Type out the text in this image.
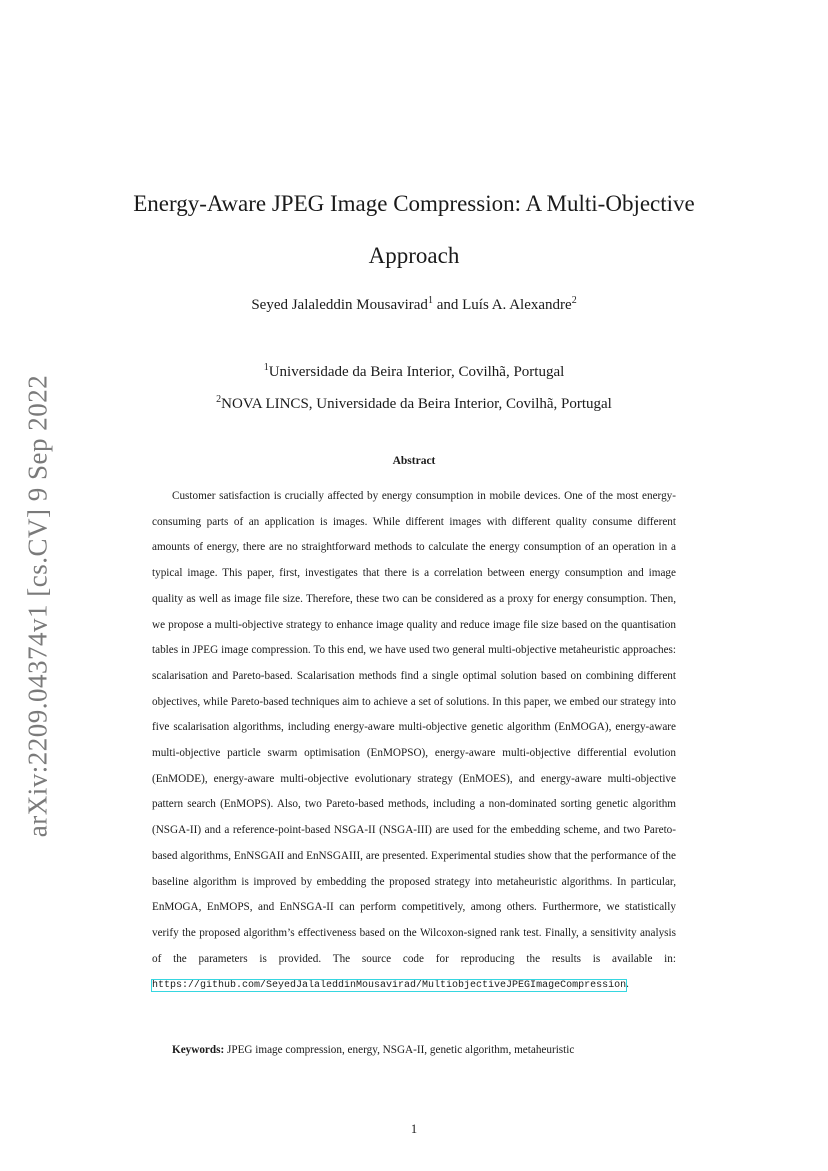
arXiv:2209.04374v1 [cs.CV] 9 Sep 2022
Energy-Aware JPEG Image Compression: A Multi-Objective
Approach
Seyed Jalaleddin Mousavirad$^1$ and Luís A. Alexandre$^2$
$^1$Universidade da Beira Interior, Covilhã, Portugal
$^2$NOVA LINCS, Universidade da Beira Interior, Covilhã, Portugal
Abstract

Customer satisfaction is crucially affected by energy consumption in mobile devices. One of the most energy-consuming parts of an application is images. While different images with different quality consume different amounts of energy, there are no straightforward methods to calculate the energy consumption of an operation in a typical image. This paper, first, investigates that there is a correlation between energy consumption and image quality as well as image file size. Therefore, these two can be considered as a proxy for energy consumption. Then, we propose a multi-objective strategy to enhance image quality and reduce image file size based on the quantisation tables in JPEG image compression. To this end, we have used two general multi-objective metaheuristic approaches: scalarisation and Pareto-based. Scalarisation methods find a single optimal solution based on combining different objectives, while Pareto-based techniques aim to achieve a set of solutions. In this paper, we embed our strategy into five scalarisation algorithms, including energy-aware multi-objective genetic algorithm (EnMOGA), energy-aware multi-objective particle swarm optimisation (EnMOPSO), energy-aware multi-objective differential evolution (EnMODE), energy-aware multi-objective evolutionary strategy (EnMOES), and energy-aware multi-objective pattern search (EnMOPS). Also, two Pareto-based methods, including a non-dominated sorting genetic algorithm (NSGA-II) and a reference-point-based NSGA-II (NSGA-III) are used for the embedding scheme, and two Pareto-based algorithms, EnNSGAII and EnNSGAIII, are presented. Experimental studies show that the performance of the baseline algorithm is improved by embedding the proposed strategy into metaheuristic algorithms. In particular, EnMOGA, EnMOPS, and EnNSGA-II can perform competitively, among others. Furthermore, we statistically verify the proposed algorithm’s effectiveness based on the Wilcoxon-signed rank test. Finally, a sensitivity analysis of the parameters is provided. The source code for reproducing the results is available in: https://github.com/SeyedJalaleddinMousavirad/MultiobjectiveJPEGImageCompression.

Keywords: JPEG image compression, energy, NSGA-II, genetic algorithm, metaheuristic
1
